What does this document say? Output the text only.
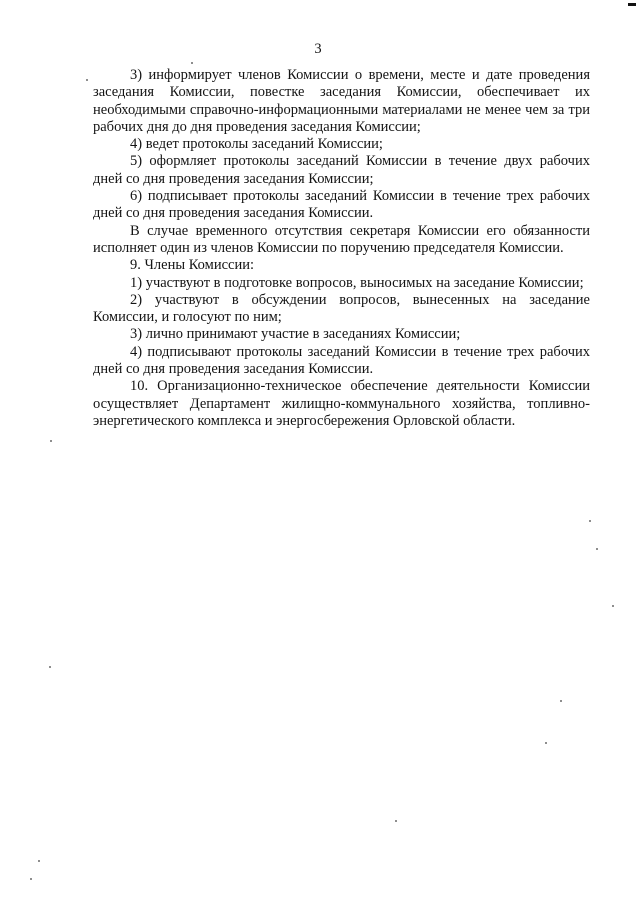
3

3) информирует членов Комиссии о времени, месте и дате проведения заседания Комиссии, повестке заседания Комиссии, обеспечивает их необходимыми справочно-информационными материалами не менее чем за три рабочих дня до дня проведения заседания Комиссии;

4) ведет протоколы заседаний Комиссии;

5) оформляет протоколы заседаний Комиссии в течение двух рабочих дней со дня проведения заседания Комиссии;

6) подписывает протоколы заседаний Комиссии в течение трех рабочих дней со дня проведения заседания Комиссии.

В случае временного отсутствия секретаря Комиссии его обязанности исполняет один из членов Комиссии по поручению председателя Комиссии.

9. Члены Комиссии:

1) участвуют в подготовке вопросов, выносимых на заседание Комиссии;

2) участвуют в обсуждении вопросов, вынесенных на заседание Комиссии, и голосуют по ним;

3) лично принимают участие в заседаниях Комиссии;

4) подписывают протоколы заседаний Комиссии в течение трех рабочих дней со дня проведения заседания Комиссии.

10. Организационно-техническое обеспечение деятельности Комиссии осуществляет Департамент жилищно-коммунального хозяйства, топливно-энергетического комплекса и энергосбережения Орловской области.
